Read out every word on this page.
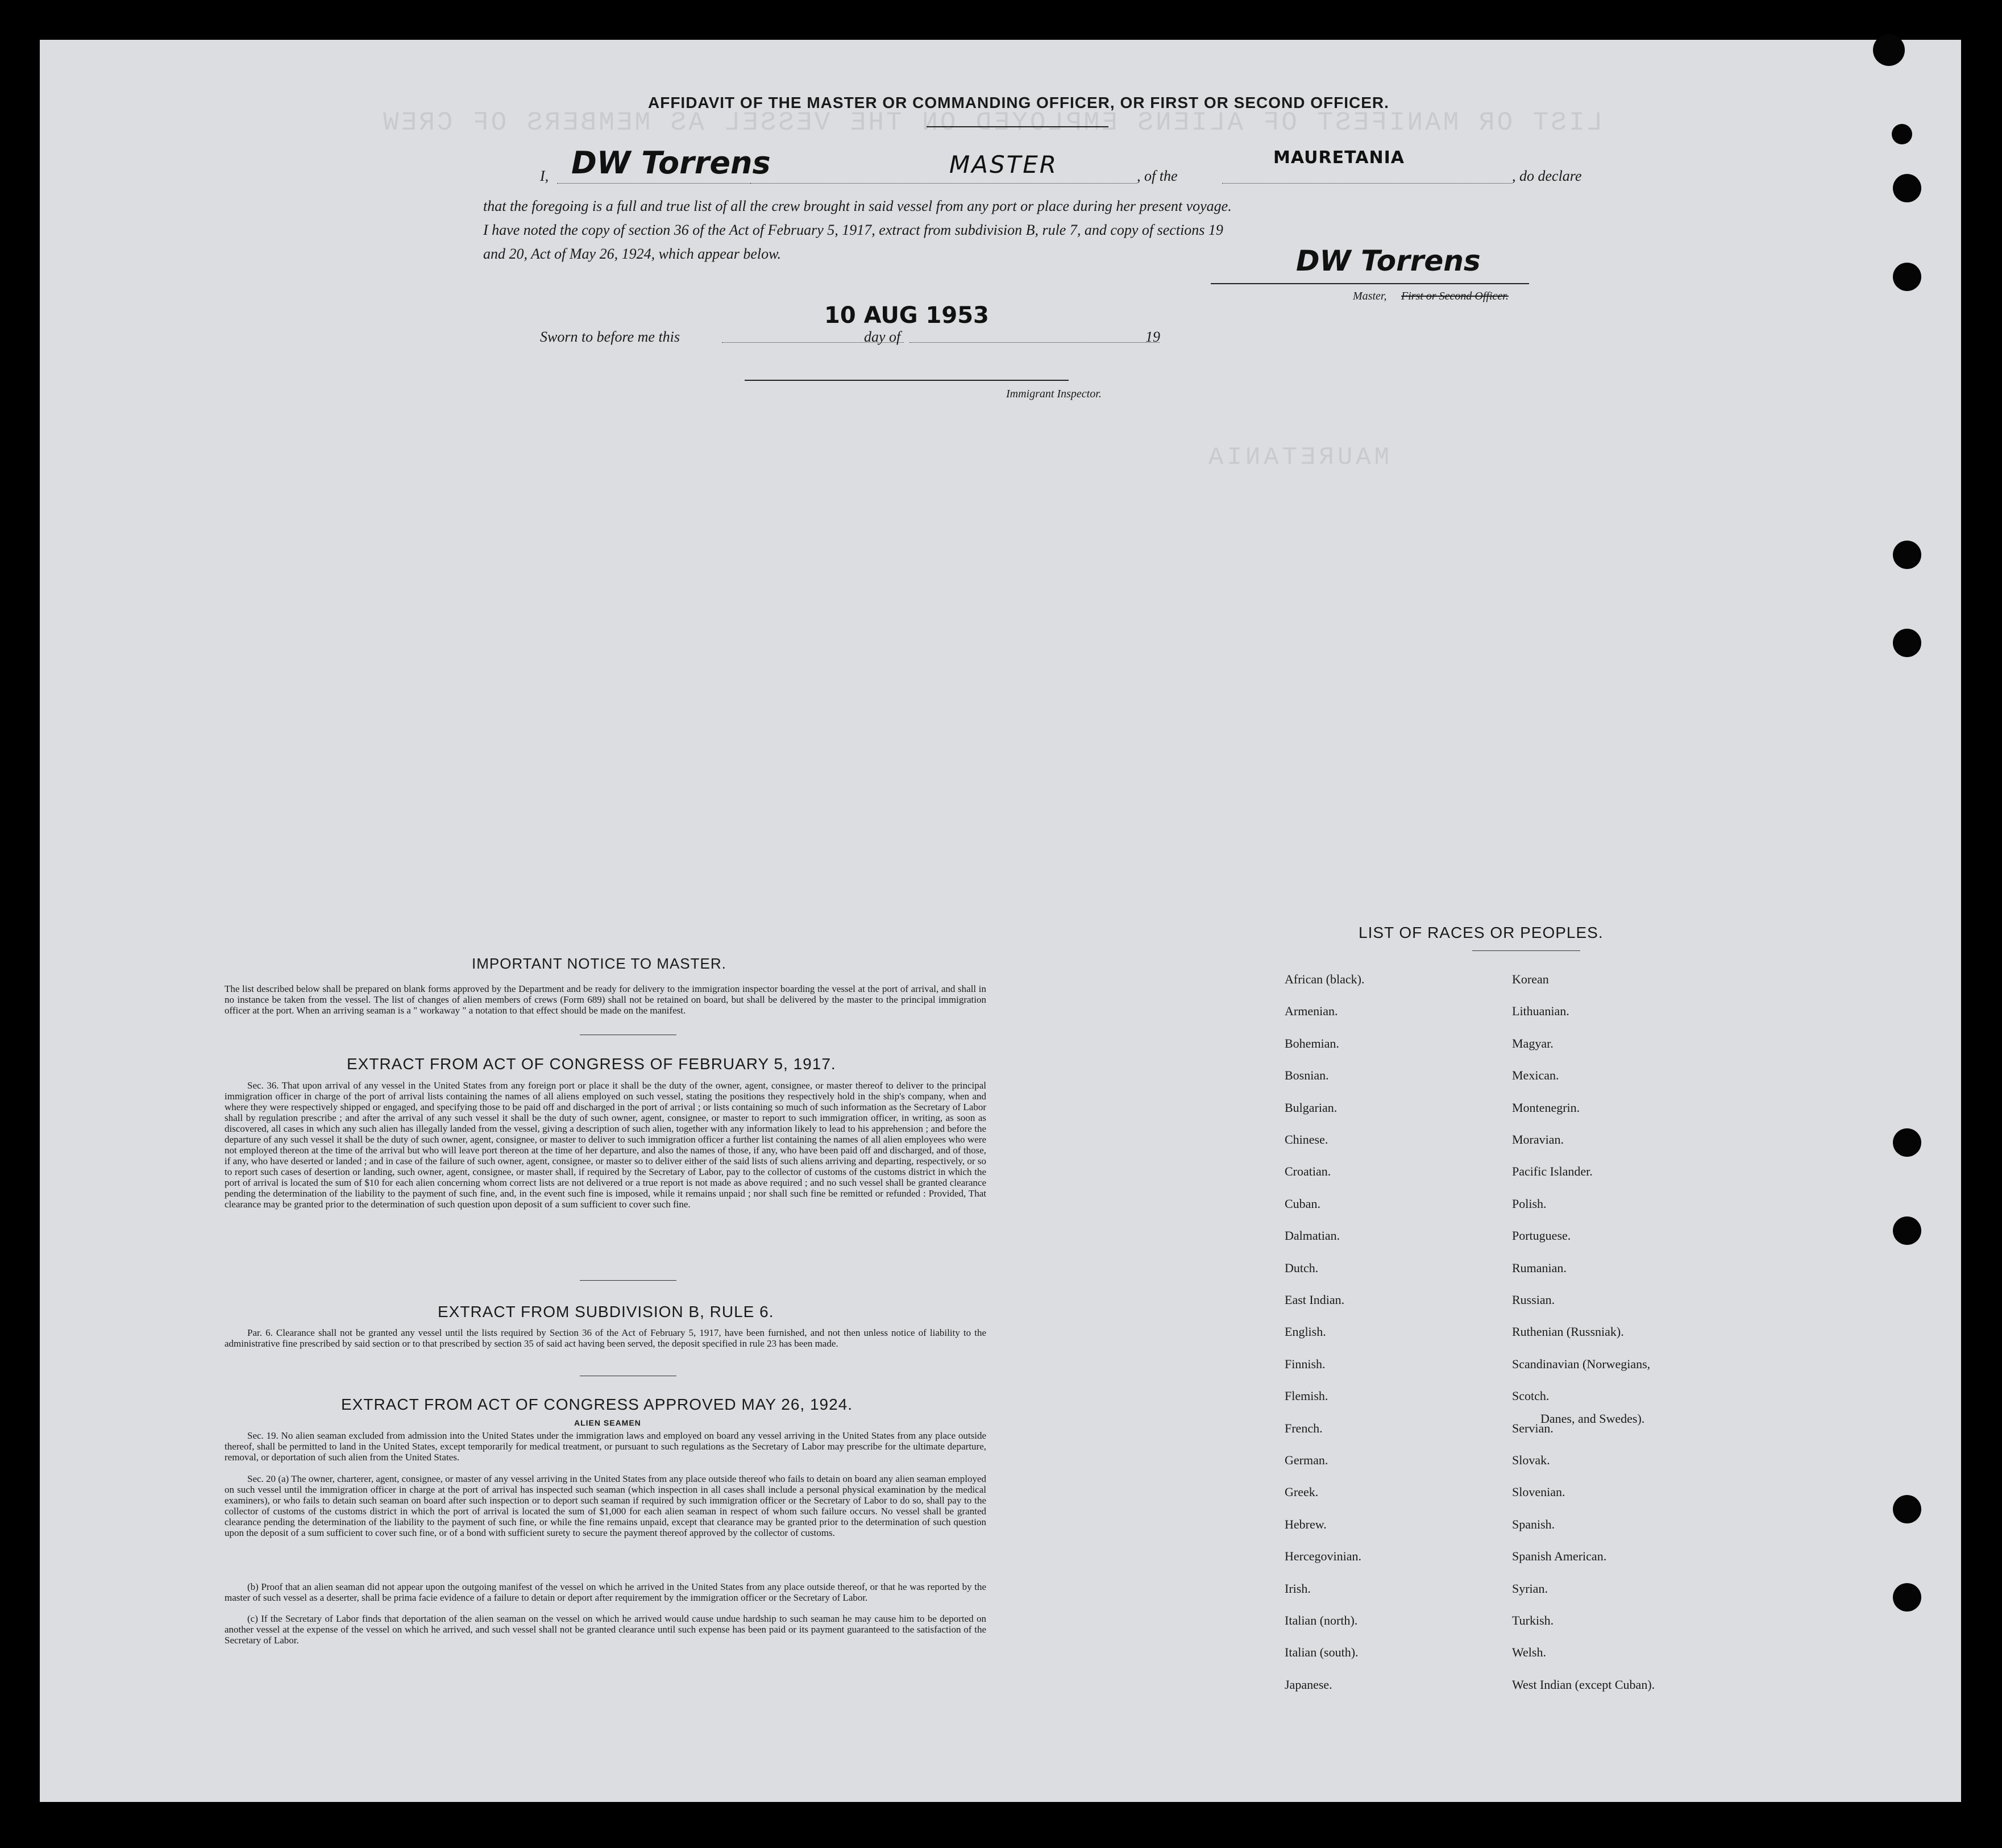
LIST OR MANIFEST OF ALIENS EMPLOYED ON THE VESSEL AS MEMBERS OF CREW
MAURETANIA
AFFIDAVIT OF THE MASTER OR COMMANDING OFFICER, OR FIRST OR SECOND OFFICER.
I, DW Torrens	MASTER	, of the
MAURETANIA
, do declare
that the foregoing is a full and true list of all the crew brought in said vessel from any port or place during her present voyage.
I have noted the copy of section 36 of the Act of February 5, 1917, extract from subdivision B, rule 7, and copy of sections 19
and 20, Act of May 26, 1924, which appear below.	DW Torrens
Master, First or Second Officer.
Sworn to before me this
10 AUG 1953
day of	19
Immigrant Inspector.
IMPORTANT NOTICE TO MASTER.
The list described below shall be prepared on blank forms approved by the Department and be ready for delivery to the immigration inspector boarding the vessel at the port of arrival, and shall in no instance be taken from the vessel. The list of changes of alien members of crews (Form 689) shall not be retained on board, but shall be delivered by the master to the principal immigration officer at the port. When an arriving seaman is a " workaway " a notation to that effect should be made on the manifest.
EXTRACT FROM ACT OF CONGRESS OF FEBRUARY 5, 1917.
Sec. 36. That upon arrival of any vessel in the United States from any foreign port or place it shall be the duty of the owner, agent, consignee, or master thereof to deliver to the principal immigration officer in charge of the port of arrival lists containing the names of all aliens employed on such vessel, stating the positions they respectively hold in the ship's company, when and where they were respectively shipped or engaged, and specifying those to be paid off and discharged in the port of arrival ; or lists containing so much of such information as the Secretary of Labor shall by regulation prescribe ; and after the arrival of any such vessel it shall be the duty of such owner, agent, consignee, or master to report to such immigration officer, in writing, as soon as discovered, all cases in which any such alien has illegally landed from the vessel, giving a description of such alien, together with any information likely to lead to his apprehension ; and before the departure of any such vessel it shall be the duty of such owner, agent, consignee, or master to deliver to such immigration officer a further list containing the names of all alien employees who were not employed thereon at the time of the arrival but who will leave port thereon at the time of her departure, and also the names of those, if any, who have been paid off and discharged, and of those, if any, who have deserted or landed ; and in case of the failure of such owner, agent, consignee, or master so to deliver either of the said lists of such aliens arriving and departing, respectively, or so to report such cases of desertion or landing, such owner, agent, consignee, or master shall, if required by the Secretary of Labor, pay to the collector of customs of the customs district in which the port of arrival is located the sum of $10 for each alien concerning whom correct lists are not delivered or a true report is not made as above required ; and no such vessel shall be granted clearance pending the determination of the liability to the payment of such fine, and, in the event such fine is imposed, while it remains unpaid ; nor shall such fine be remitted or refunded : Provided, That clearance may be granted prior to the determination of such question upon deposit of a sum sufficient to cover such fine.
EXTRACT FROM SUBDIVISION B, RULE 6.
Par. 6. Clearance shall not be granted any vessel until the lists required by Section 36 of the Act of February 5, 1917, have been furnished, and not then unless notice of liability to the administrative fine prescribed by said section or to that prescribed by section 35 of said act having been served, the deposit specified in rule 23 has been made.
EXTRACT FROM ACT OF CONGRESS APPROVED MAY 26, 1924.
ALIEN SEAMEN
Sec. 19. No alien seaman excluded from admission into the United States under the immigration laws and employed on board any vessel arriving in the United States from any place outside thereof, shall be permitted to land in the United States, except temporarily for medical treatment, or pursuant to such regulations as the Secretary of Labor may prescribe for the ultimate departure, removal, or deportation of such alien from the United States.
Sec. 20 (a) The owner, charterer, agent, consignee, or master of any vessel arriving in the United States from any place outside thereof who fails to detain on board any alien seaman employed on such vessel until the immigration officer in charge at the port of arrival has inspected such seaman (which inspection in all cases shall include a personal physical examination by the medical examiners), or who fails to detain such seaman on board after such inspection or to deport such seaman if required by such immigration officer or the Secretary of Labor to do so, shall pay to the collector of customs of the customs district in which the port of arrival is located the sum of $1,000 for each alien seaman in respect of whom such failure occurs. No vessel shall be granted clearance pending the determination of the liability to the payment of such fine, or while the fine remains unpaid, except that clearance may be granted prior to the determination of such question upon the deposit of a sum sufficient to cover such fine, or of a bond with sufficient surety to secure the payment thereof approved by the collector of customs.
(b) Proof that an alien seaman did not appear upon the outgoing manifest of the vessel on which he arrived in the United States from any place outside thereof, or that he was reported by the master of such vessel as a deserter, shall be prima facie evidence of a failure to detain or deport after requirement by the immigration officer or the Secretary of Labor.
(c) If the Secretary of Labor finds that deportation of the alien seaman on the vessel on which he arrived would cause undue hardship to such seaman he may cause him to be deported on another vessel at the expense of the vessel on which he arrived, and such vessel shall not be granted clearance until such expense has been paid or its payment guaranteed to the satisfaction of the Secretary of Labor.
LIST OF RACES OR PEOPLES.
African (black).
Armenian.
Bohemian.
Bosnian.
Bulgarian.
Chinese.
Croatian.
Cuban.
Dalmatian.
Dutch.
East Indian.
English.
Finnish.
Flemish.
French.
German.
Greek.
Hebrew.
Hercegovinian.
Irish.
Italian (north).
Italian (south).
Japanese.
Korean
Lithuanian.
Magyar.
Mexican.
Montenegrin.
Moravian.
Pacific Islander.
Polish.
Portuguese.
Rumanian.
Russian.
Ruthenian (Russniak).
Scandinavian (Norwegians,
Scotch.
Servian.
Slovak.
Slovenian.
Spanish.
Spanish American.
Syrian.
Turkish.
Welsh.
West Indian (except Cuban).
Danes, and Swedes).
